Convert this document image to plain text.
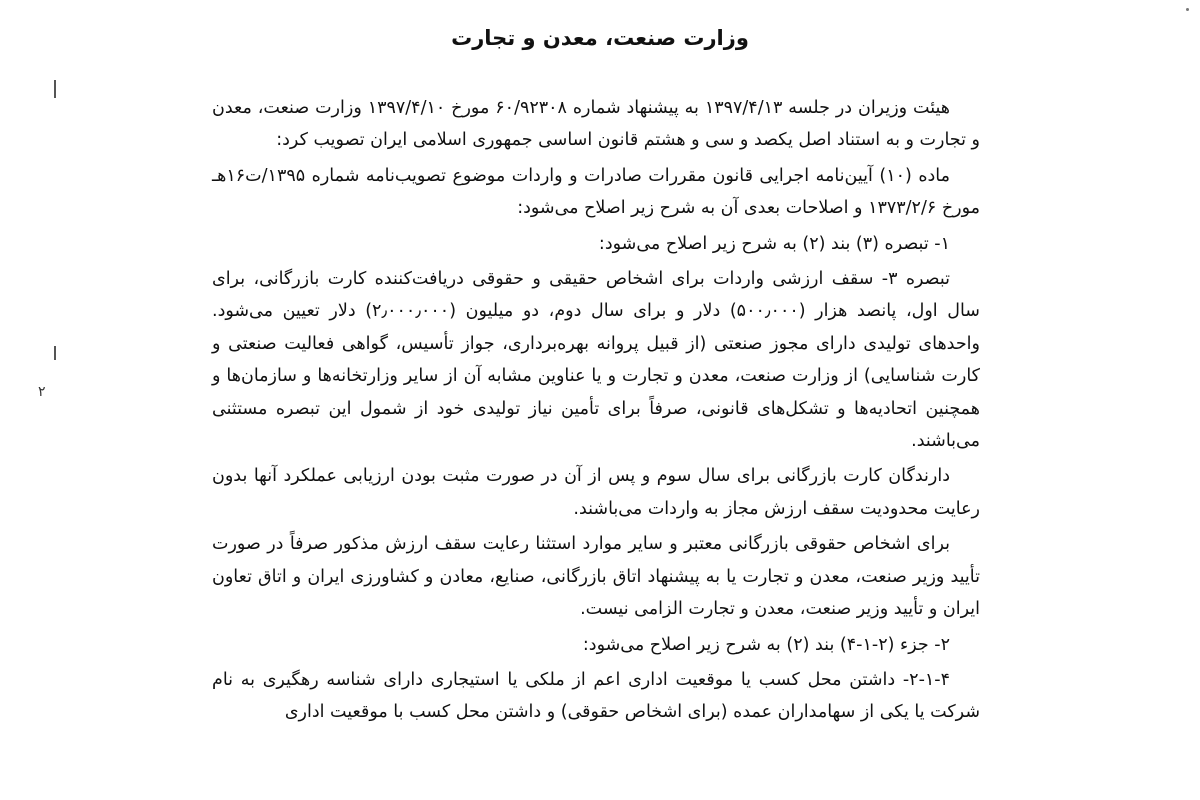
وزارت صنعت، معدن و تجارت
۲

هیئت وزیران در جلسه ۱۳۹۷/۴/۱۳ به پیشنهاد شماره ۶۰/۹۲۳۰۸ مورخ ۱۳۹۷/۴/۱۰ وزارت صنعت، معدن و تجارت و به استناد اصل یکصد و سی و هشتم قانون اساسی جمهوری اسلامی ایران تصویب کرد:

ماده (۱۰) آیین‌نامه اجرایی قانون مقررات صادرات و واردات موضوع تصویب‌نامه شماره ۱۳۹۵/ت۱۶هـ مورخ ۱۳۷۳/۲/۶ و اصلاحات بعدی آن به شرح زیر اصلاح می‌شود:

۱- تبصره (۳) بند (۲) به شرح زیر اصلاح می‌شود:

تبصره ۳- سقف ارزشی واردات برای اشخاص حقیقی و حقوقی دریافت‌کننده کارت بازرگانی، برای سال اول، پانصد هزار (۵۰۰٫۰۰۰) دلار و برای سال دوم، دو میلیون (۲٫۰۰۰٫۰۰۰) دلار تعیین می‌شود. واحدهای تولیدی دارای مجوز صنعتی (از قبیل پروانه بهره‌برداری، جواز تأسیس، گواهی فعالیت صنعتی و کارت شناسایی) از وزارت صنعت، معدن و تجارت و یا عناوین مشابه آن از سایر وزارتخانه‌ها و سازمان‌ها و همچنین اتحادیه‌ها و تشکل‌های قانونی، صرفاً برای تأمین نیاز تولیدی خود از شمول این تبصره مستثنی می‌باشند.

دارندگان کارت بازرگانی برای سال سوم و پس از آن در صورت مثبت بودن ارزیابی عملکرد آنها بدون رعایت محدودیت سقف ارزش مجاز به واردات می‌باشند.

برای اشخاص حقوقی بازرگانی معتبر و سایر موارد استثنا رعایت سقف ارزش مذکور صرفاً در صورت تأیید وزیر صنعت، معدن و تجارت یا به پیشنهاد اتاق بازرگانی، صنایع، معادن و کشاورزی ایران و اتاق تعاون ایران و تأیید وزیر صنعت، معدن و تجارت الزامی نیست.

۲- جزء (۲-۱-۴) بند (۲) به شرح زیر اصلاح می‌شود:

۲-۱-۴- داشتن محل کسب یا موقعیت اداری اعم از ملکی یا استیجاری دارای شناسه رهگیری به نام شرکت یا یکی از سهامداران عمده (برای اشخاص حقوقی) و داشتن محل کسب با موقعیت اداری
